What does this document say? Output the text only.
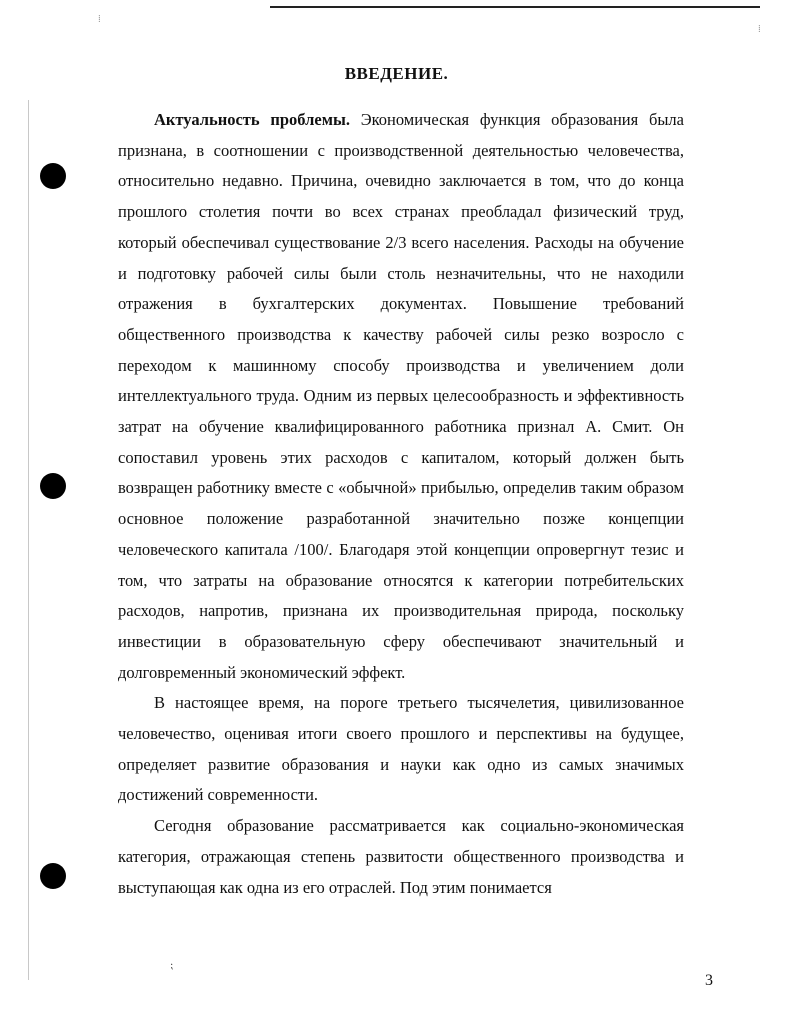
⁞
⁞
⁏
ВВЕДЕНИЕ.

Актуальность проблемы. Экономическая функция образования была признана, в соотношении с производственной деятельностью человечества, относительно недавно. Причина, очевидно заключается в том, что до конца прошлого столетия почти во всех странах преобладал физический труд, который обеспечивал существование 2/3 всего населения. Расходы на обучение и подготовку рабочей силы были столь незначительны, что не находили отражения в бухгалтерских документах. Повышение требований общественного производства к качеству рабочей силы резко возросло с переходом к машинному способу производства и увеличением доли интеллектуального труда. Одним из первых целесообразность и эффективность затрат на обучение квалифицированного работника признал А. Смит. Он сопоставил уровень этих расходов с капиталом, который должен быть возвращен работнику вместе с «обычной» прибылью, определив таким образом основное положение разработанной значительно позже концепции человеческого капитала /100/. Благодаря этой концепции опровергнут тезис и том, что затраты на образование относятся к категории потребительских расходов, напротив, признана их производительная природа, поскольку инвестиции в образовательную сферу обеспечивают значительный и долговременный экономический эффект.

В настоящее время, на пороге третьего тысячелетия, цивилизованное человечество, оценивая итоги своего прошлого и перспективы на будущее, определяет развитие образования и науки как одно из самых значимых достижений современности.

Сегодня образование рассматривается как социально-экономическая категория, отражающая степень развитости общественного производства и выступающая как одна из его отраслей. Под этим понимается

3
